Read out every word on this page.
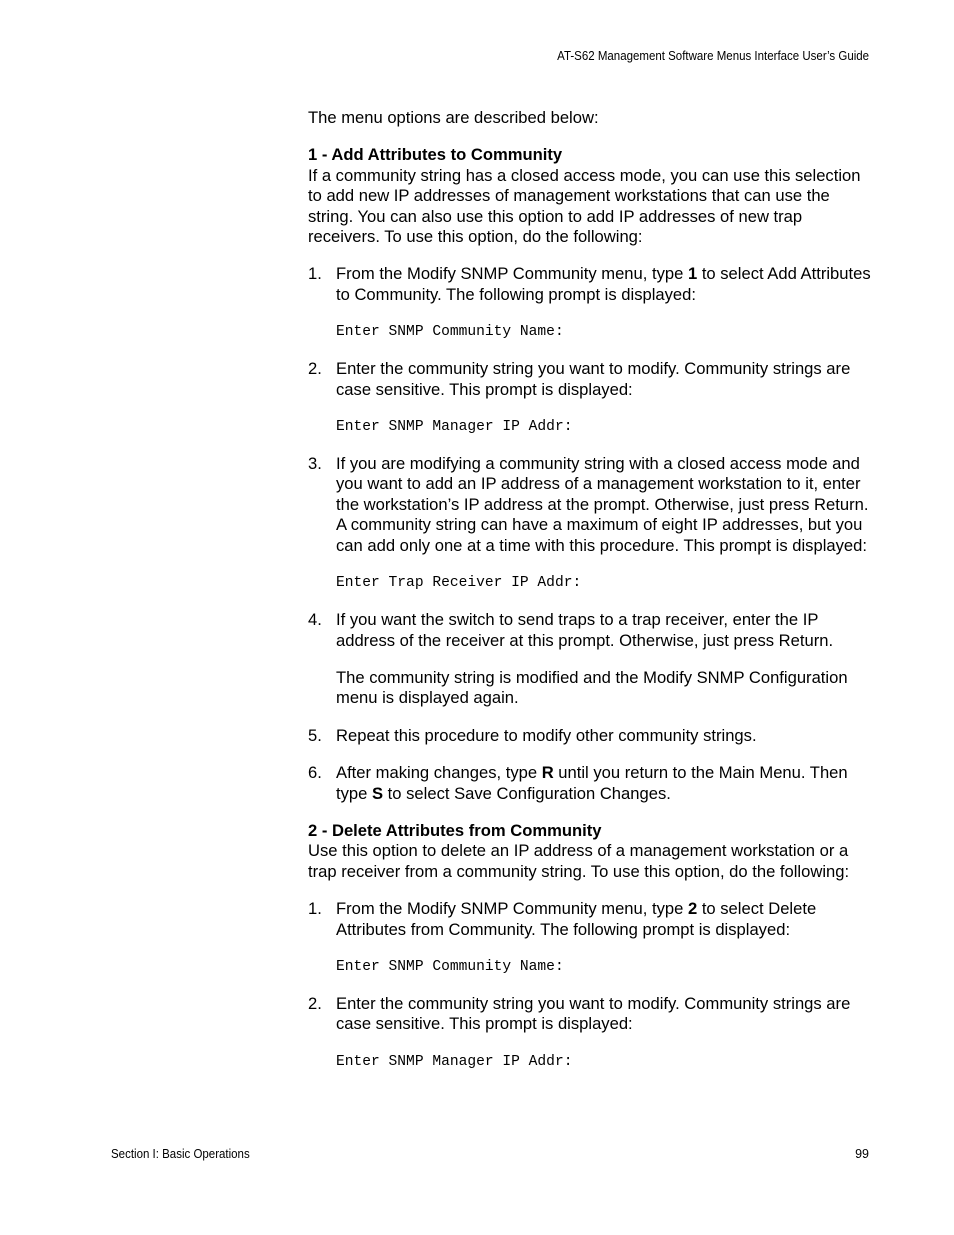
AT-S62 Management Software Menus Interface User’s Guide

The menu options are described below:

1 - Add Attributes to Community

If a community string has a closed access mode, you can use this selection to add new IP addresses of management workstations that can use the string. You can also use this option to add IP addresses of new trap receivers. To use this option, do the following:

1. From the Modify SNMP Community menu, type 1 to select Add Attributes to Community. The following prompt is displayed:

Enter SNMP Community Name:

2. Enter the community string you want to modify. Community strings are case sensitive. This prompt is displayed:

Enter SNMP Manager IP Addr:

3. If you are modifying a community string with a closed access mode and you want to add an IP address of a management workstation to it, enter the workstation’s IP address at the prompt. Otherwise, just press Return. A community string can have a maximum of eight IP addresses, but you can add only one at a time with this procedure. This prompt is displayed:

Enter Trap Receiver IP Addr:

4. If you want the switch to send traps to a trap receiver, enter the IP address of the receiver at this prompt. Otherwise, just press Return.

The community string is modified and the Modify SNMP Configuration menu is displayed again.

5. Repeat this procedure to modify other community strings.

6. After making changes, type R until you return to the Main Menu. Then type S to select Save Configuration Changes.

2 - Delete Attributes from Community

Use this option to delete an IP address of a management workstation or a trap receiver from a community string. To use this option, do the following:

1. From the Modify SNMP Community menu, type 2 to select Delete Attributes from Community. The following prompt is displayed:

Enter SNMP Community Name:

2. Enter the community string you want to modify. Community strings are case sensitive. This prompt is displayed:

Enter SNMP Manager IP Addr:

Section I: Basic Operations	99
